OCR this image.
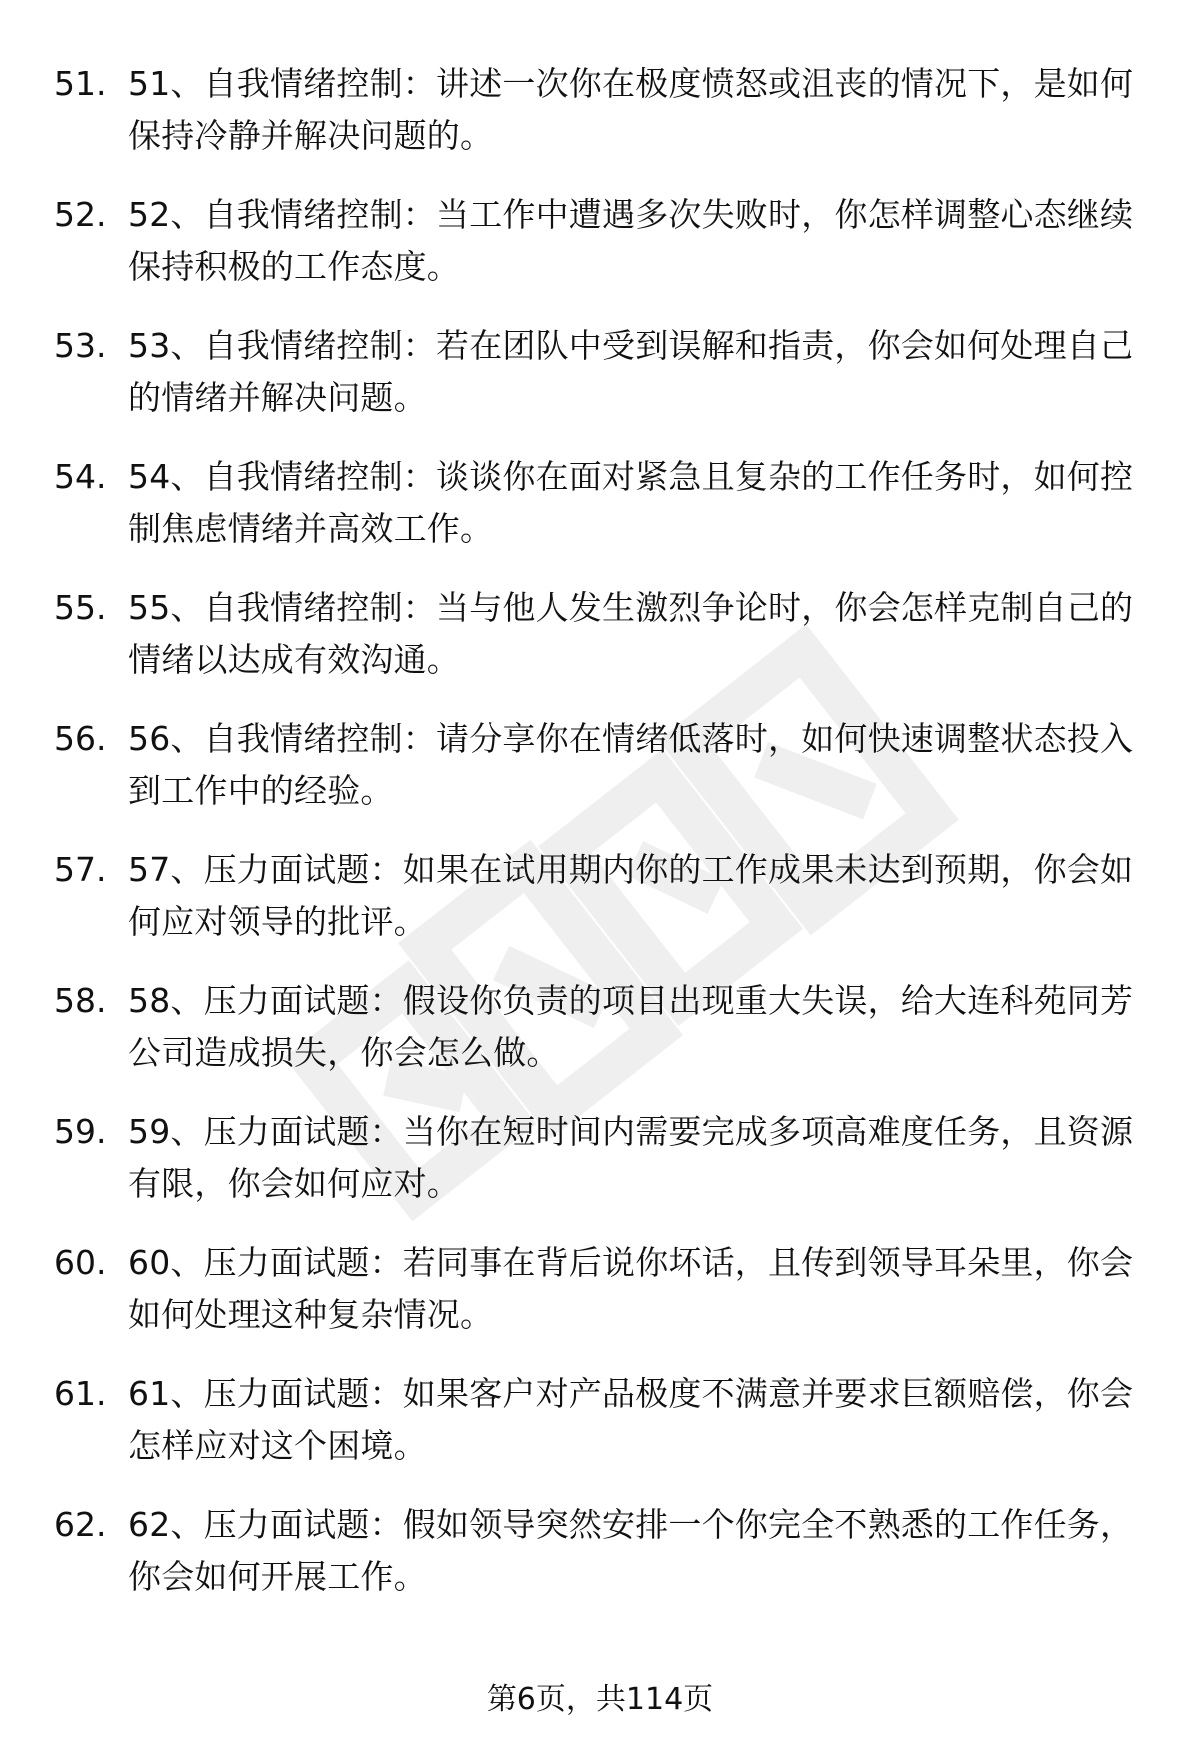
51. 51、自我情绪控制：讲述一次你在极度愤怒或沮丧的情况下，是如何保持冷静并解决问题的。
52. 52、自我情绪控制：当工作中遭遇多次失败时，你怎样调整心态继续保持积极的工作态度。
53. 53、自我情绪控制：若在团队中受到误解和指责，你会如何处理自己的情绪并解决问题。
54. 54、自我情绪控制：谈谈你在面对紧急且复杂的工作任务时，如何控制焦虑情绪并高效工作。
55. 55、自我情绪控制：当与他人发生激烈争论时，你会怎样克制自己的情绪以达成有效沟通。
56. 56、自我情绪控制：请分享你在情绪低落时，如何快速调整状态投入到工作中的经验。
57. 57、压力面试题：如果在试用期内你的工作成果未达到预期，你会如何应对领导的批评。
58. 58、压力面试题：假设你负责的项目出现重大失误，给大连科苑同芳公司造成损失，你会怎么做。
59. 59、压力面试题：当你在短时间内需要完成多项高难度任务，且资源有限，你会如何应对。
60. 60、压力面试题：若同事在背后说你坏话，且传到领导耳朵里，你会如何处理这种复杂情况。
61. 61、压力面试题：如果客户对产品极度不满意并要求巨额赔偿，你会怎样应对这个困境。
62. 62、压力面试题：假如领导突然安排一个你完全不熟悉的工作任务，你会如何开展工作。
第6页，共114页
